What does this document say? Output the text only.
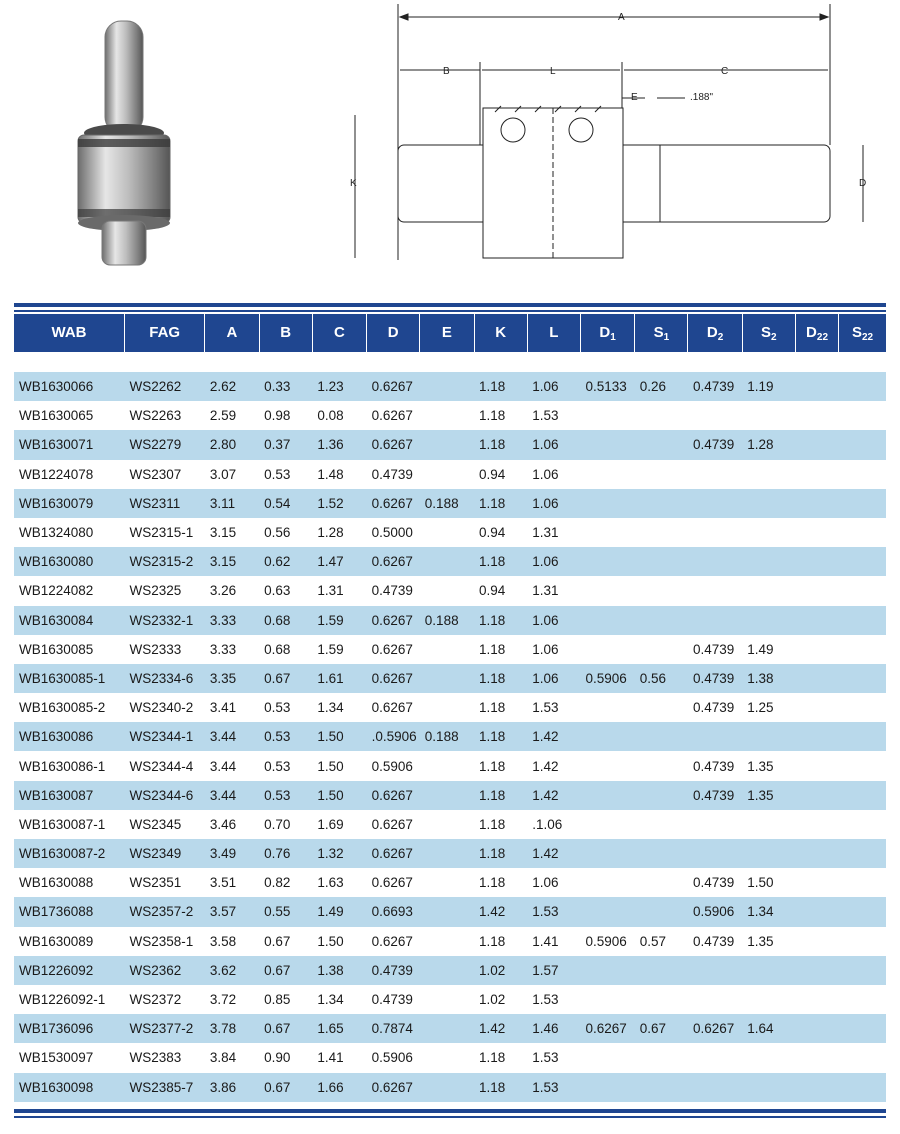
A
B	L	C
E	.188"
K	D
WAB	FAG	A	B	C	D	E	K	L	$D_1$	$S_1$	$D_2$	$S_2$	$D_{22}$	$S_{22}$

WB1630066	WS2262	2.62	0.33	1.23	0.6267		1.18	1.06	0.5133	0.26	0.4739	1.19		
WB1630065	WS2263	2.59	0.98	0.08	0.6267		1.18	1.53						
WB1630071	WS2279	2.80	0.37	1.36	0.6267		1.18	1.06			0.4739	1.28		
WB1224078	WS2307	3.07	0.53	1.48	0.4739		0.94	1.06						
WB1630079	WS2311	3.11	0.54	1.52	0.6267	0.188	1.18	1.06						
WB1324080	WS2315-1	3.15	0.56	1.28	0.5000		0.94	1.31						
WB1630080	WS2315-2	3.15	0.62	1.47	0.6267		1.18	1.06						
WB1224082	WS2325	3.26	0.63	1.31	0.4739		0.94	1.31						
WB1630084	WS2332-1	3.33	0.68	1.59	0.6267	0.188	1.18	1.06						
WB1630085	WS2333	3.33	0.68	1.59	0.6267		1.18	1.06			0.4739	1.49		
WB1630085-1	WS2334-6	3.35	0.67	1.61	0.6267		1.18	1.06	0.5906	0.56	0.4739	1.38		
WB1630085-2	WS2340-2	3.41	0.53	1.34	0.6267		1.18	1.53			0.4739	1.25		
WB1630086	WS2344-1	3.44	0.53	1.50	.0.5906	0.188	1.18	1.42						
WB1630086-1	WS2344-4	3.44	0.53	1.50	0.5906		1.18	1.42			0.4739	1.35		
WB1630087	WS2344-6	3.44	0.53	1.50	0.6267		1.18	1.42			0.4739	1.35		
WB1630087-1	WS2345	3.46	0.70	1.69	0.6267		1.18	.1.06						
WB1630087-2	WS2349	3.49	0.76	1.32	0.6267		1.18	1.42						
WB1630088	WS2351	3.51	0.82	1.63	0.6267		1.18	1.06			0.4739	1.50		
WB1736088	WS2357-2	3.57	0.55	1.49	0.6693		1.42	1.53			0.5906	1.34		
WB1630089	WS2358-1	3.58	0.67	1.50	0.6267		1.18	1.41	0.5906	0.57	0.4739	1.35		
WB1226092	WS2362	3.62	0.67	1.38	0.4739		1.02	1.57						
WB1226092-1	WS2372	3.72	0.85	1.34	0.4739		1.02	1.53						
WB1736096	WS2377-2	3.78	0.67	1.65	0.7874		1.42	1.46	0.6267	0.67	0.6267	1.64		
WB1530097	WS2383	3.84	0.90	1.41	0.5906		1.18	1.53						
WB1630098	WS2385-7	3.86	0.67	1.66	0.6267		1.18	1.53						
